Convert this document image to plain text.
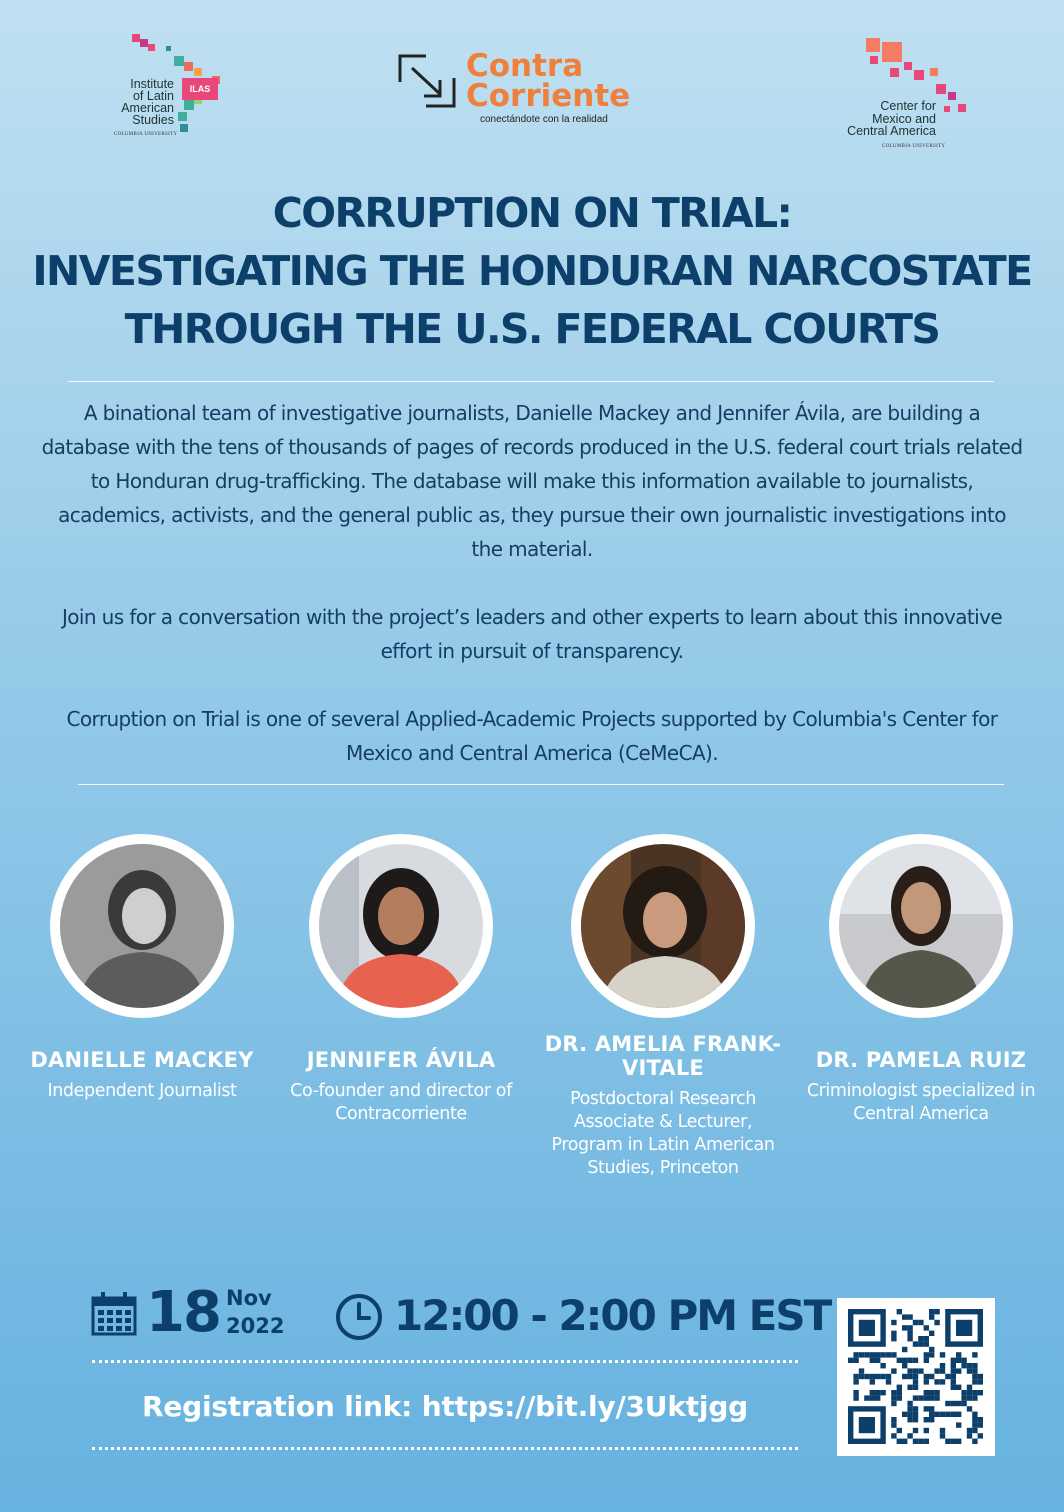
Institute
of Latin
American
Studies
ILAS
COLUMBIA UNIVERSITY
Contra
Corriente
conectándote con la realidad
Center for
Mexico and
Central America
COLUMBIA UNIVERSITY
CORRUPTION ON TRIAL:
INVESTIGATING THE HONDURAN NARCOSTATE
THROUGH THE U.S. FEDERAL COURTS

A binational team of investigative journalists, Danielle Mackey and Jennifer Ávila, are building a database with the tens of thousands of pages of records produced in the U.S. federal court trials related to Honduran drug-trafficking. The database will make this information available to journalists, academics, activists, and the general public as, they pursue their own journalistic investigations into the material.

Join us for a conversation with the project’s leaders and other experts to learn about this innovative effort in pursuit of transparency.

Corruption on Trial is one of several Applied-Academic Projects supported by Columbia's Center for Mexico and Central America (CeMeCA).

DANIELLE MACKEY
Independent Journalist
JENNIFER ÁVILA
Co-founder and director of Contracorriente
DR. AMELIA FRANK-VITALE
Postdoctoral Research Associate & Lecturer, Program in Latin American Studies, Princeton
DR. PAMELA RUIZ
Criminologist specialized in Central America
18 Nov
2022	12:00 - 2:00 PM EST
Registration link: https://bit.ly/3Uktjgg
